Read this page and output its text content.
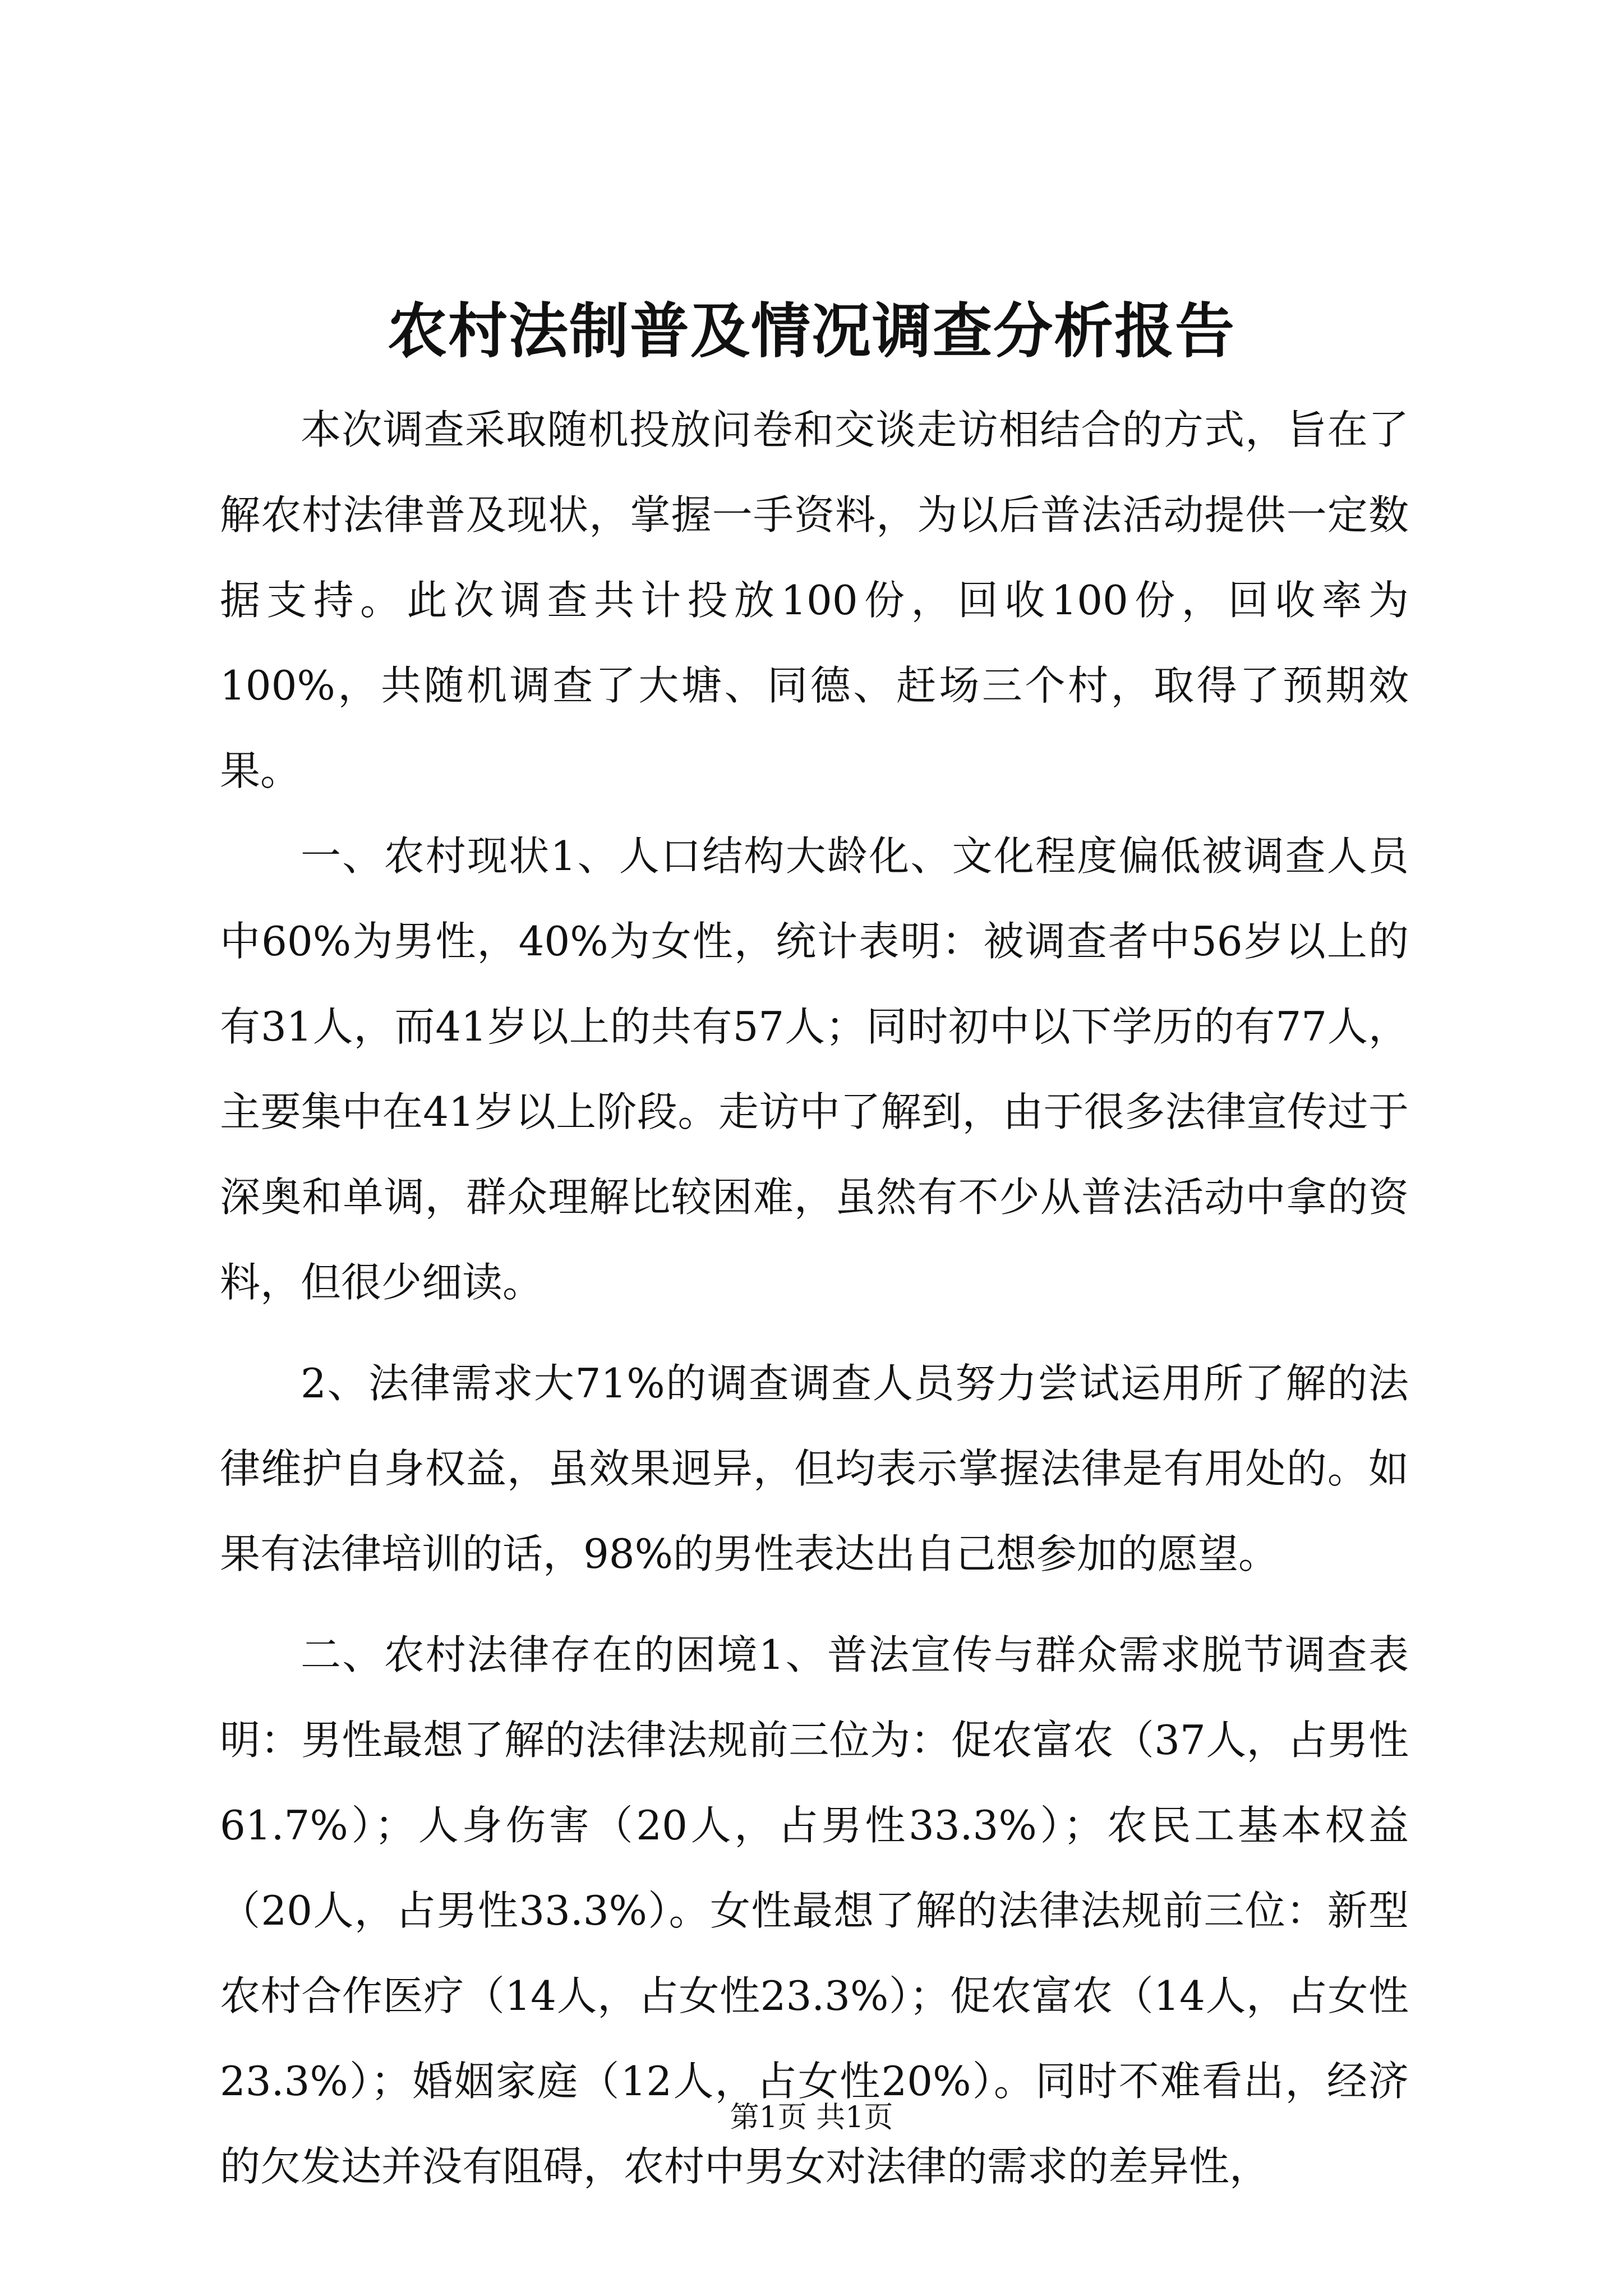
农村法制普及情况调查分析报告

本次调查采取随机投放问卷和交谈走访相结合的方式，旨在了解农村法律普及现状，掌握一手资料，为以后普法活动提供一定数据支持。此次调查共计投放100份，回收100份，回收率为100%，共随机调查了大塘、同德、赶场三个村，取得了预期效果。

一、农村现状1、人口结构大龄化、文化程度偏低被调查人员中60%为男性，40%为女性，统计表明：被调查者中56岁以上的有31人，而41岁以上的共有57人；同时初中以下学历的有77人，主要集中在41岁以上阶段。走访中了解到，由于很多法律宣传过于深奥和单调，群众理解比较困难，虽然有不少从普法活动中拿的资料，但很少细读。

2、法律需求大71%的调查调查人员努力尝试运用所了解的法律维护自身权益，虽效果迥异，但均表示掌握法律是有用处的。如果有法律培训的话，98%的男性表达出自己想参加的愿望。

二、农村法律存在的困境1、普法宣传与群众需求脱节调查表明：男性最想了解的法律法规前三位为：促农富农（37人，占男性61.7%）；人身伤害（20人，占男性33.3%）；农民工基本权益（20人，占男性33.3%）。女性最想了解的法律法规前三位：新型农村合作医疗（14人，占女性23.3%）；促农富农（14人，占女性23.3%）；婚姻家庭（12人，占女性20%）。同时不难看出，经济的欠发达并没有阻碍，农村中男女对法律的需求的差异性，

第1页 共1页
